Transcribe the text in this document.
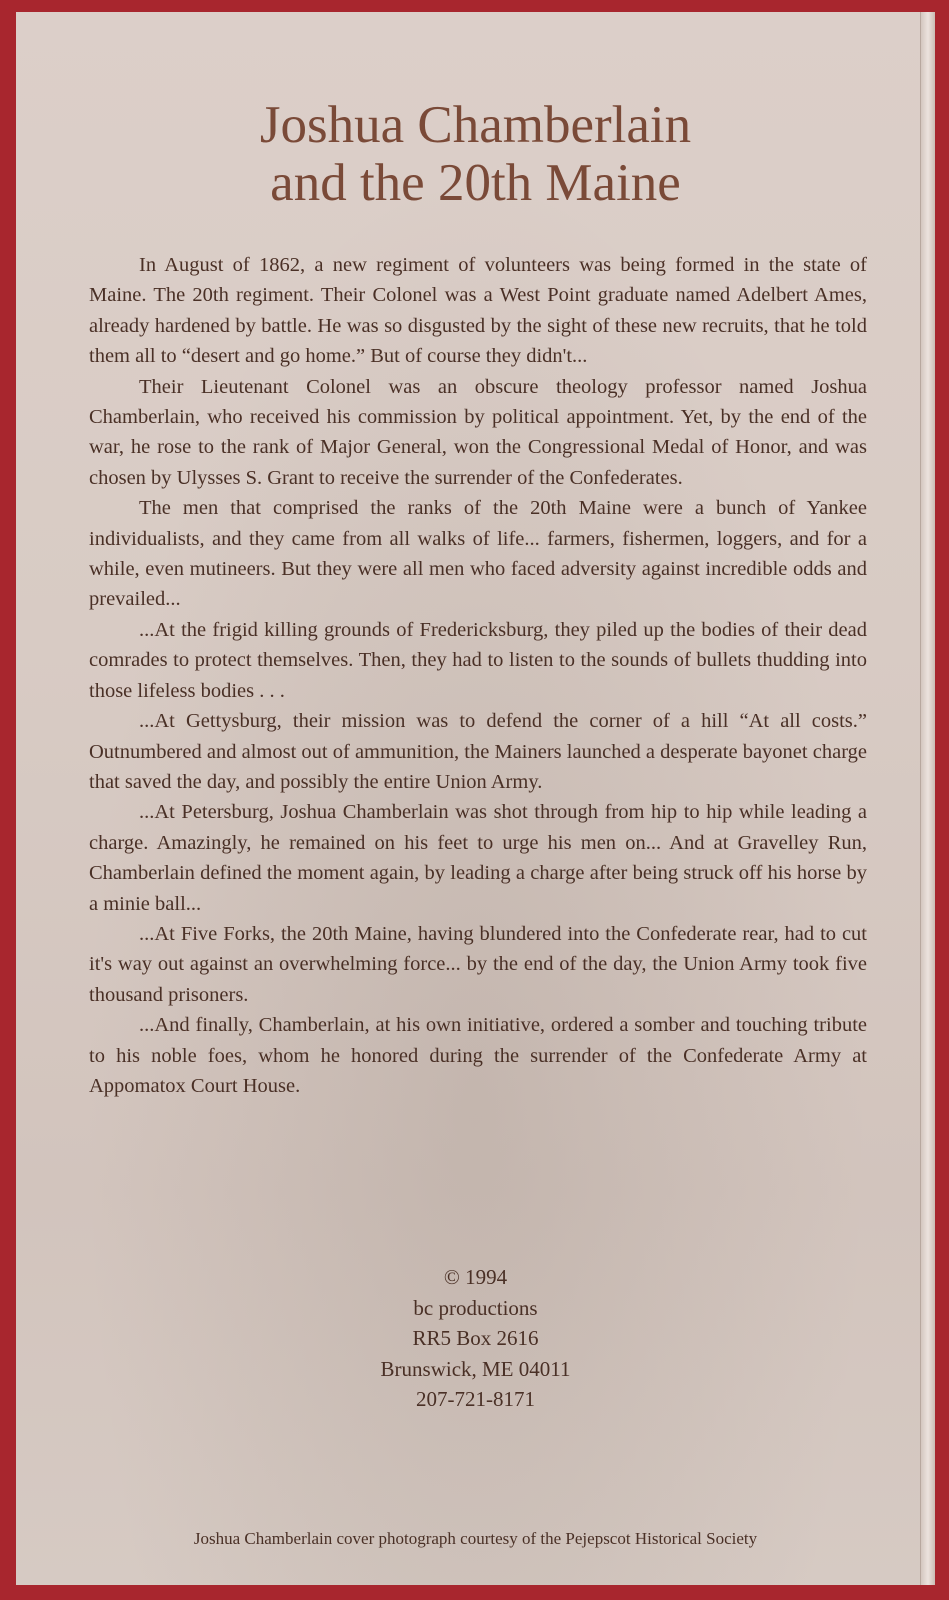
Joshua Chamberlain
and the 20th Maine

In August of 1862, a new regiment of volunteers was being formed in the state of Maine. The 20th regiment. Their Colonel was a West Point graduate named Adelbert Ames, already hardened by battle. He was so disgusted by the sight of these new recruits, that he told them all to “desert and go home.” But of course they didn't...

Their Lieutenant Colonel was an obscure theology professor named Joshua Chamberlain, who received his commission by political appointment. Yet, by the end of the war, he rose to the rank of Major General, won the Congressional Medal of Honor, and was chosen by Ulysses S. Grant to receive the surrender of the Confederates.

The men that comprised the ranks of the 20th Maine were a bunch of Yankee individualists, and they came from all walks of life... farmers, fishermen, loggers, and for a while, even mutineers. But they were all men who faced adversity against incredible odds and prevailed...

...At the frigid killing grounds of Fredericksburg, they piled up the bodies of their dead comrades to protect themselves. Then, they had to listen to the sounds of bullets thudding into those lifeless bodies . . .

...At Gettysburg, their mission was to defend the corner of a hill “At all costs.” Outnumbered and almost out of ammunition, the Mainers launched a desperate bayonet charge that saved the day, and possibly the entire Union Army.

...At Petersburg, Joshua Chamberlain was shot through from hip to hip while leading a charge. Amazingly, he remained on his feet to urge his men on... And at Gravelley Run, Chamberlain defined the moment again, by leading a charge after being struck off his horse by a minie ball...

...At Five Forks, the 20th Maine, having blundered into the Confederate rear, had to cut it's way out against an overwhelming force... by the end of the day, the Union Army took five thousand prisoners.

...And finally, Chamberlain, at his own initiative, ordered a somber and touching tribute to his noble foes, whom he honored during the surrender of the Confederate Army at Appomatox Court House.

© 1994
bc productions
RR5 Box 2616
Brunswick, ME 04011
207-721-8171
Joshua Chamberlain cover photograph courtesy of the Pejepscot Historical Society
